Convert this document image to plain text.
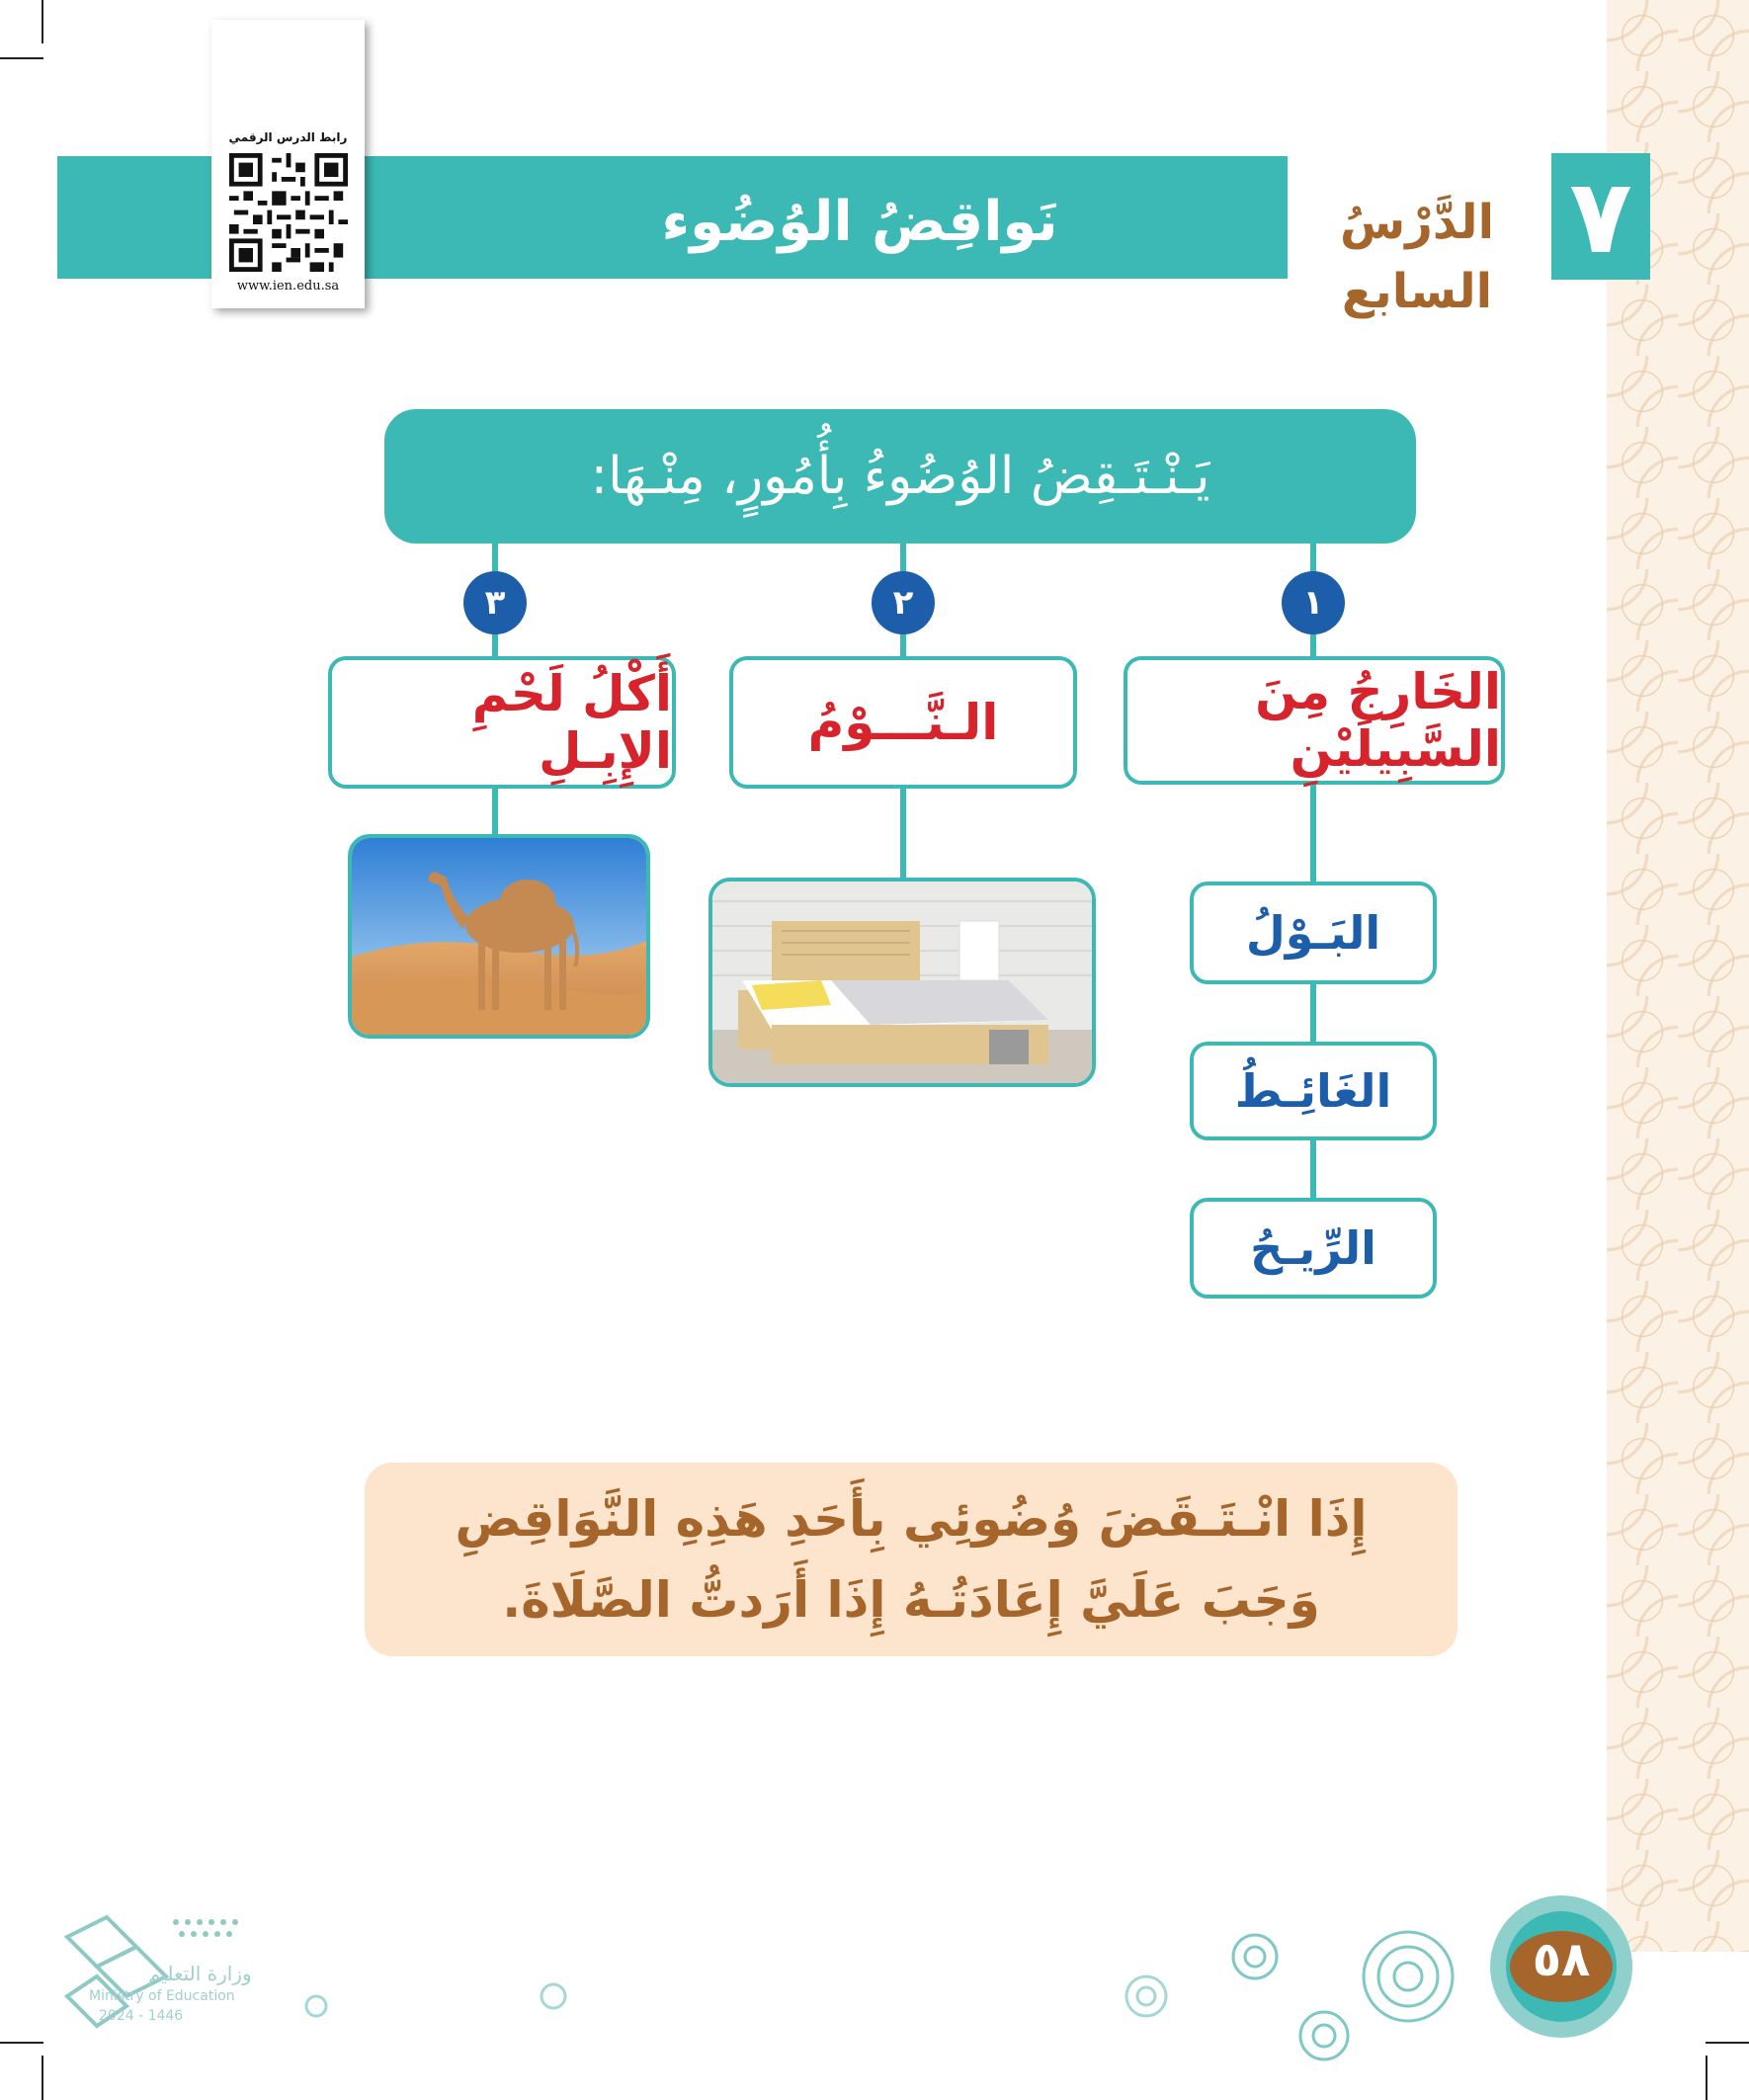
٧
الدَّرْسُ السابع
نَواقِضُ الوُضُوء
رابط الدرس الرقمي
www.ien.edu.sa
يَـنْـتَـقِضُ الوُضُوءُ بِأُمُورٍ، مِنْـهَا:
١
٢
٣
الخَارِجُ مِنَ السَّبِيلَيْنِ
الـنَّـــوْمُ
أَكْلُ لَحْمِ الإِبِـلِ
البَـوْلُ
الغَائِـطُ
الرِّيـحُ
إِذَا انْـتَـقَضَ وُضُوئِي بِأَحَدِ هَذِهِ النَّوَاقِضِ
وَجَبَ عَلَيَّ إِعَادَتُـهُ إِذَا أَرَدتُّ الصَّلَاةَ.
٥٨
وزارة التعليم
Ministry of Education
2024 - 1446
